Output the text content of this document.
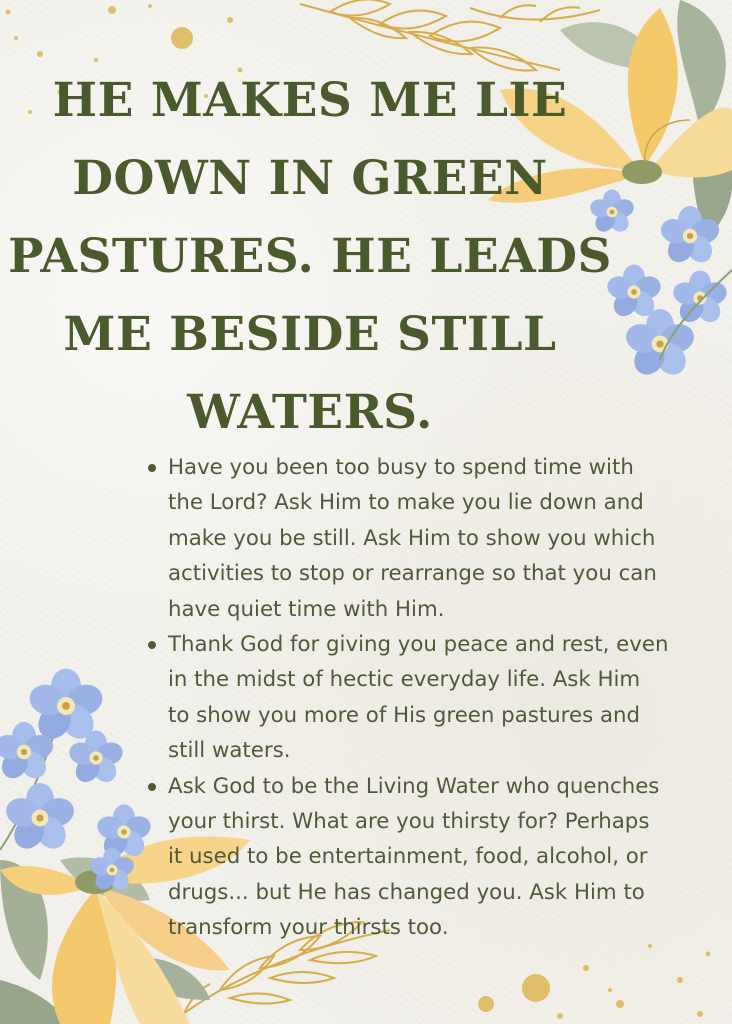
HE MAKES ME LIE
DOWN IN GREEN
PASTURES. HE LEADS
ME BESIDE STILL
WATERS.
Have you been too busy to spend time with
the Lord? Ask Him to make you lie down and
make you be still. Ask Him to show you which
activities to stop or rearrange so that you can
have quiet time with Him.
Thank God for giving you peace and rest, even
in the midst of hectic everyday life. Ask Him
to show you more of His green pastures and
still waters.
Ask God to be the Living Water who quenches
your thirst. What are you thirsty for? Perhaps
it used to be entertainment, food, alcohol, or
drugs... but He has changed you. Ask Him to
transform your thirsts too.
